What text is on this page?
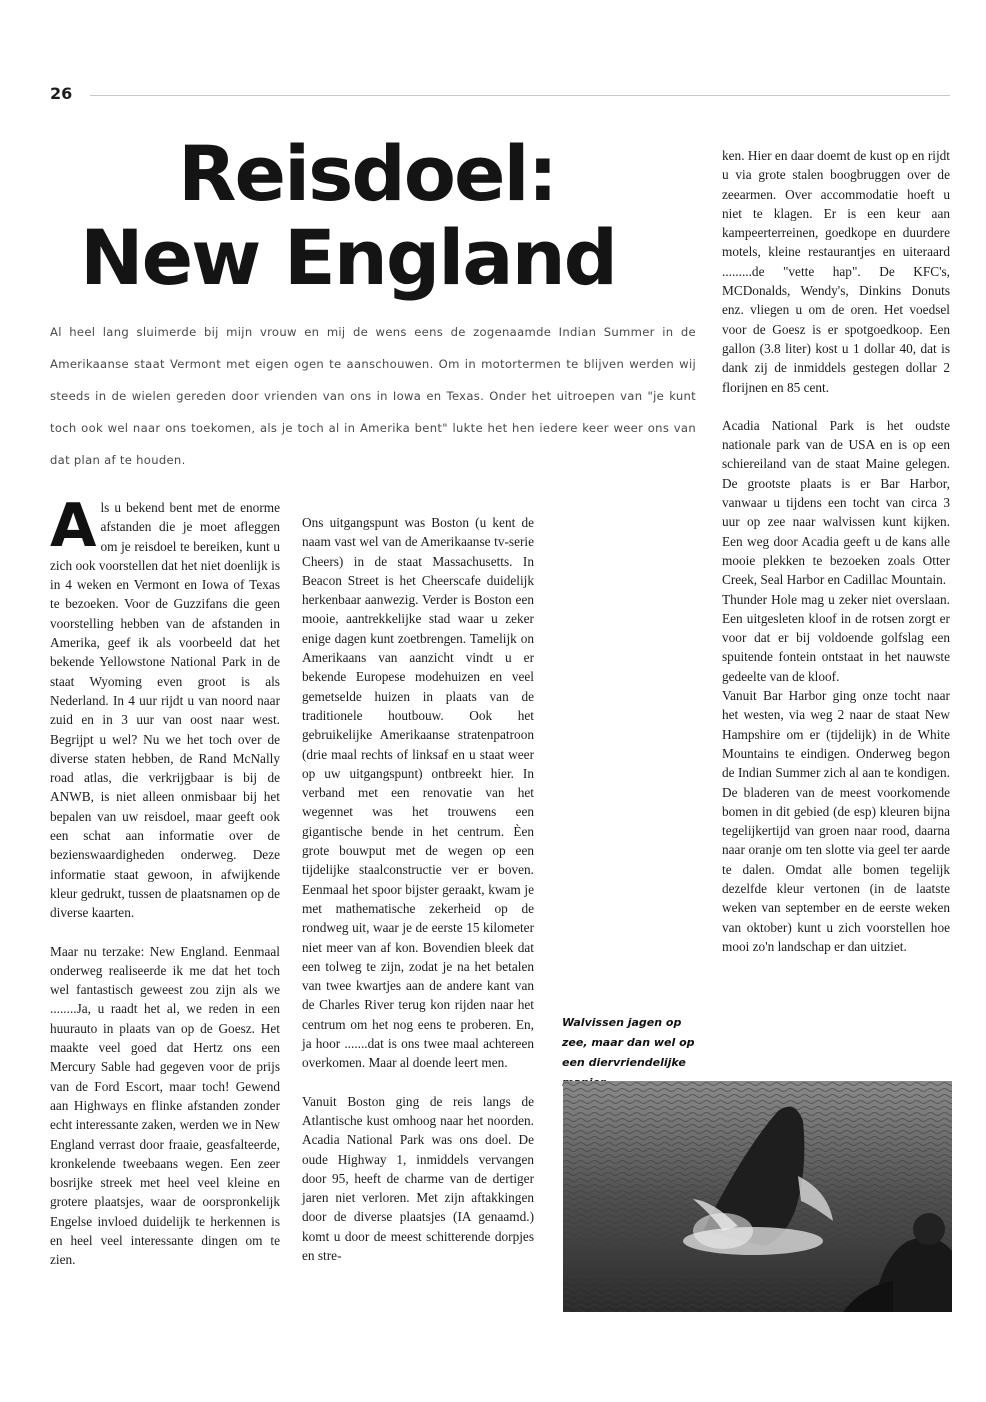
26
Reisdoel:
New England

Al heel lang sluimerde bij mijn vrouw en mij de wens eens de zogenaamde Indian Summer in de Amerikaanse staat Vermont met eigen ogen te aanschouwen. Om in motortermen te blijven werden wij steeds in de wielen gereden door vrienden van ons in Iowa en Texas. Onder het uitroepen van "je kunt toch ook wel naar ons toekomen, als je toch al in Amerika bent" lukte het hen iedere keer weer ons van dat plan af te houden.

Als u bekend bent met de enorme afstanden die je moet afleggen om je reisdoel te bereiken, kunt u zich ook voorstellen dat het niet doenlijk is in 4 weken en Vermont en Iowa of Texas te bezoeken. Voor de Guzzifans die geen voorstelling hebben van de afstanden in Amerika, geef ik als voorbeeld dat het bekende Yellowstone National Park in de staat Wyoming even groot is als Nederland. In 4 uur rijdt u van noord naar zuid en in 3 uur van oost naar west. Begrijpt u wel? Nu we het toch over de diverse staten hebben, de Rand McNally road atlas, die verkrijgbaar is bij de ANWB, is niet alleen onmisbaar bij het bepalen van uw reisdoel, maar geeft ook een schat aan informatie over de bezienswaardigheden onderweg. Deze informatie staat gewoon, in afwijkende kleur gedrukt, tussen de plaatsnamen op de diverse kaarten.

Maar nu terzake: New England. Eenmaal onderweg realiseerde ik me dat het toch wel fantastisch geweest zou zijn als we ........Ja, u raadt het al, we reden in een huurauto in plaats van op de Goesz. Het maakte veel goed dat Hertz ons een Mercury Sable had gegeven voor de prijs van de Ford Escort, maar toch! Gewend aan Highways en flinke afstanden zonder echt interessante zaken, werden we in New England verrast door fraaie, geasfalteerde, kronkelende tweebaans wegen. Een zeer bosrijke streek met heel veel kleine en grotere plaatsjes, waar de oorspronkelijk Engelse invloed duidelijk te herkennen is en heel veel interessante dingen om te zien.

Ons uitgangspunt was Boston (u kent de naam vast wel van de Amerikaanse tv-serie Cheers) in de staat Massachusetts. In Beacon Street is het Cheerscafe duidelijk herkenbaar aanwezig. Verder is Boston een mooie, aantrekkelijke stad waar u zeker enige dagen kunt zoetbrengen. Tamelijk on Amerikaans van aanzicht vindt u er bekende Europese modehuizen en veel gemetselde huizen in plaats van de traditionele houtbouw. Ook het gebruikelijke Amerikaanse stratenpatroon (drie maal rechts of linksaf en u staat weer op uw uitgangspunt) ontbreekt hier. In verband met een renovatie van het wegennet was het trouwens een gigantische bende in het centrum. Èen grote bouwput met de wegen op een tijdelijke staalconstructie ver er boven. Eenmaal het spoor bijster geraakt, kwam je met mathematische zekerheid op de rondweg uit, waar je de eerste 15 kilometer niet meer van af kon. Bovendien bleek dat een tolweg te zijn, zodat je na het betalen van twee kwartjes aan de andere kant van de Charles River terug kon rijden naar het centrum om het nog eens te proberen. En, ja hoor .......dat is ons twee maal achtereen overkomen. Maar al doende leert men.

Vanuit Boston ging de reis langs de Atlantische kust omhoog naar het noorden. Acadia National Park was ons doel. De oude Highway 1, inmiddels vervangen door 95, heeft de charme van de dertiger jaren niet verloren. Met zijn aftakkingen door de diverse plaatsjes (IA genaamd.) komt u door de meest schitterende dorpjes en stre-

ken. Hier en daar doemt de kust op en rijdt u via grote stalen boogbruggen over de zeearmen. Over accommodatie hoeft u niet te klagen. Er is een keur aan kampeerterreinen, goedkope en duurdere motels, kleine restaurantjes en uiteraard .........de "vette hap". De KFC's, MCDonalds, Wendy's, Dinkins Donuts enz. vliegen u om de oren. Het voedsel voor de Goesz is er spotgoedkoop. Een gallon (3.8 liter) kost u 1 dollar 40, dat is dank zij de inmiddels gestegen dollar 2 florijnen en 85 cent.

Acadia National Park is het oudste nationale park van de USA en is op een schiereiland van de staat Maine gelegen. De grootste plaats is er Bar Harbor, vanwaar u tijdens een tocht van circa 3 uur op zee naar walvissen kunt kijken. Een weg door Acadia geeft u de kans alle mooie plekken te bezoeken zoals Otter Creek, Seal Harbor en Cadillac Mountain.

Thunder Hole mag u zeker niet overslaan. Een uitgesleten kloof in de rotsen zorgt er voor dat er bij voldoende golfslag een spuitende fontein ontstaat in het nauwste gedeelte van de kloof.

Vanuit Bar Harbor ging onze tocht naar het westen, via weg 2 naar de staat New Hampshire om er (tijdelijk) in de White Mountains te eindigen. Onderweg begon de Indian Summer zich al aan te kondigen. De bladeren van de meest voorkomende bomen in dit gebied (de esp) kleuren bijna tegelijkertijd van groen naar rood, daarna naar oranje om ten slotte via geel ter aarde te dalen. Omdat alle bomen tegelijk dezelfde kleur vertonen (in de laatste weken van september en de eerste weken van oktober) kunt u zich voorstellen hoe mooi zo'n landschap er dan uitziet.

Walvissen jagen op zee, maar dan wel op een diervriendelijke
